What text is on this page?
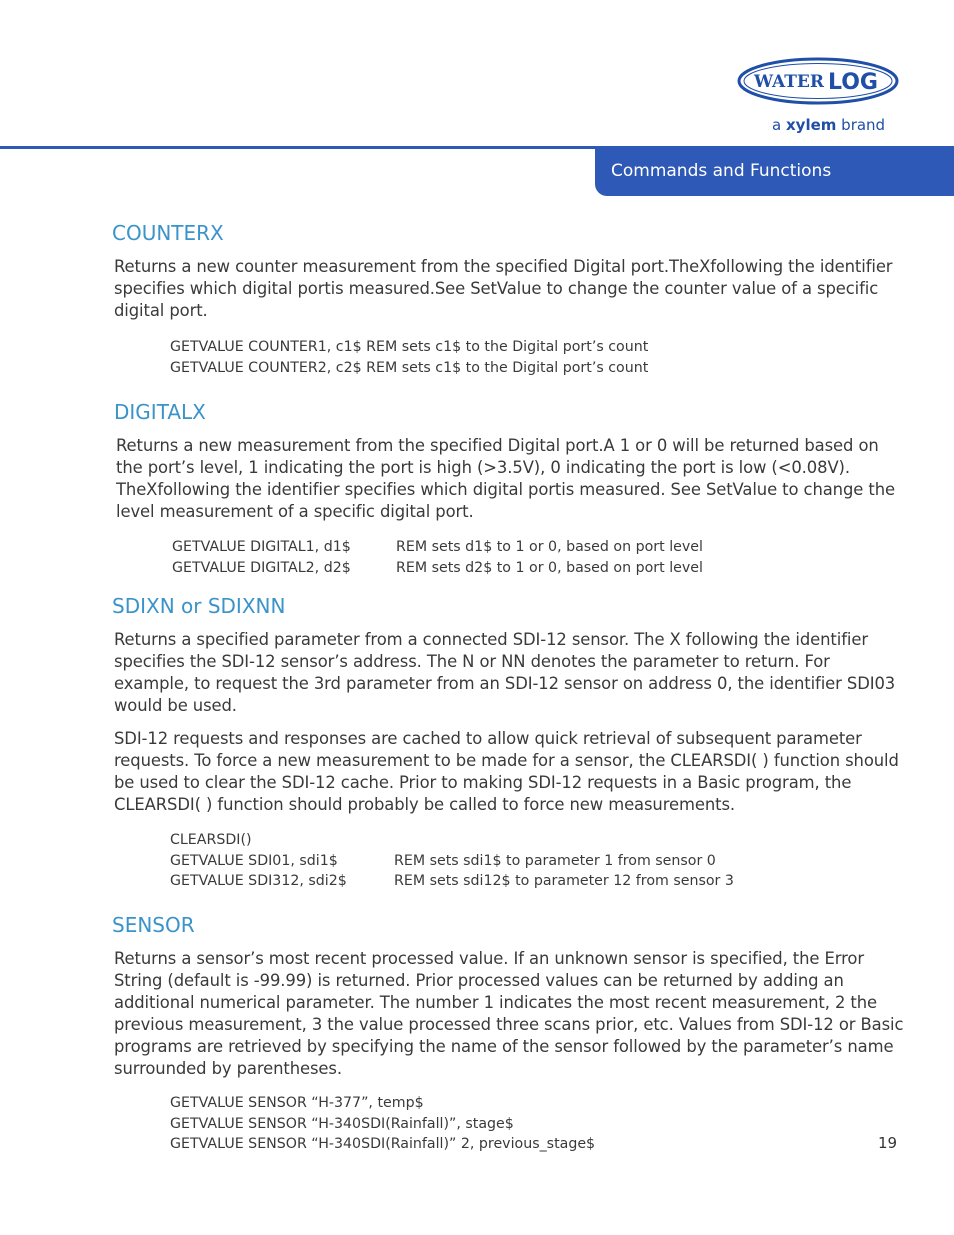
WATER LOG
a xylem brand
Commands and Functions
COUNTERX

Returns a new counter measurement from the specified Digital port.TheXfollowing the identifier specifies which digital portis measured.See SetValue to change the counter value of a specific digital port.

GETVALUE COUNTER1, c1$ REM sets c1$ to the Digital port’s count
GETVALUE COUNTER2, c2$ REM sets c1$ to the Digital port’s count
DIGITALX

Returns a new measurement from the specified Digital port.A 1 or 0 will be returned based on the port’s level, 1 indicating the port is high (>3.5V), 0 indicating the port is low (<0.08V). TheXfollowing the identifier specifies which digital portis measured. See SetValue to change the level measurement of a specific digital port.

GETVALUE DIGITAL1, d1$	REM sets d1$ to 1 or 0, based on port level
GETVALUE DIGITAL2, d2$	REM sets d2$ to 1 or 0, based on port level
SDIXN or SDIXNN

Returns a specified parameter from a connected SDI-12 sensor. The X following the identifier specifies the SDI-12 sensor’s address. The N or NN denotes the parameter to return. For example, to request the 3rd parameter from an SDI-12 sensor on address 0, the identifier SDI03 would be used.

SDI-12 requests and responses are cached to allow quick retrieval of subsequent parameter requests. To force a new measurement to be made for a sensor, the CLEARSDI( ) function should be used to clear the SDI-12 cache. Prior to making SDI-12 requests in a Basic program, the CLEARSDI( ) function should probably be called to force new measurements.

CLEARSDI()
GETVALUE SDI01, sdi1$	REM sets sdi1$ to parameter 1 from sensor 0
GETVALUE SDI312, sdi2$	REM sets sdi12$ to parameter 12 from sensor 3
SENSOR

Returns a sensor’s most recent processed value. If an unknown sensor is specified, the Error String (default is -99.99) is returned. Prior processed values can be returned by adding an additional numerical parameter. The number 1 indicates the most recent measurement, 2 the previous measurement, 3 the value processed three scans prior, etc. Values from SDI-12 or Basic programs are retrieved by specifying the name of the sensor followed by the parameter’s name surrounded by parentheses.

GETVALUE SENSOR “H-377”, temp$
GETVALUE SENSOR “H-340SDI(Rainfall)”, stage$
GETVALUE SENSOR “H-340SDI(Rainfall)” 2, previous_stage$	19
